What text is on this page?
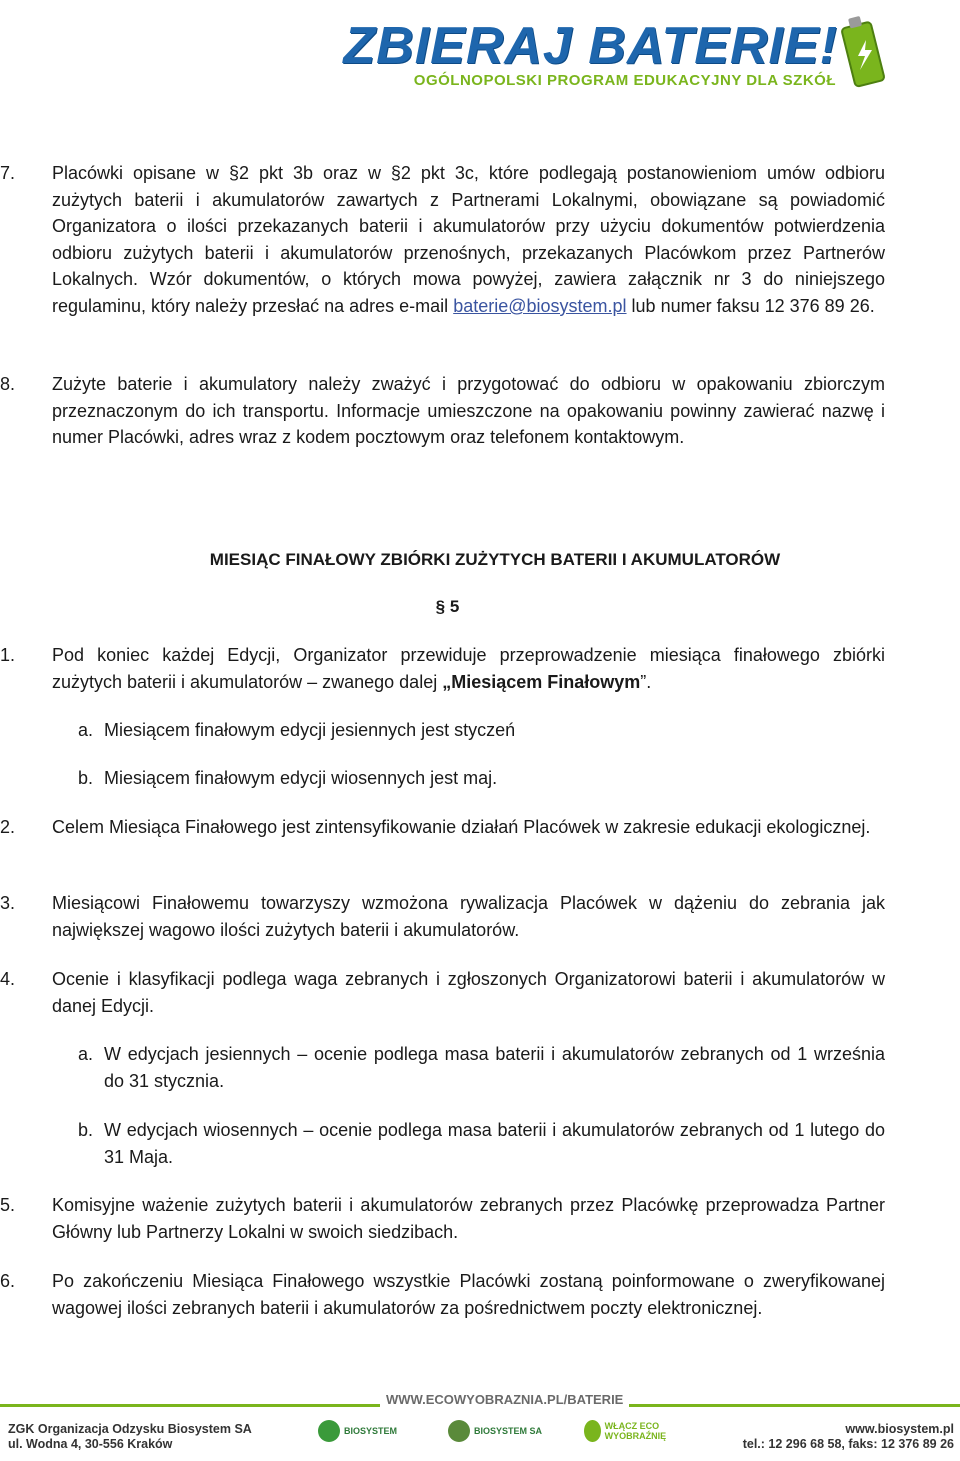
ZBIERAJ BATERIE!
OGÓLNOPOLSKI PROGRAM EDUKACYJNY DLA SZKÓŁ
7. Placówki opisane w §2 pkt 3b oraz w §2 pkt 3c, które podlegają postanowieniom umów odbioru zużytych baterii i akumulatorów zawartych z Partnerami Lokalnymi, obowiązane są powiadomić Organizatora o ilości przekazanych baterii i akumulatorów przy użyciu dokumentów potwierdzenia odbioru zużytych baterii i akumulatorów przenośnych, przekazanych Placówkom przez Partnerów Lokalnych. Wzór dokumentów, o których mowa powyżej, zawiera załącznik nr 3 do niniejszego regulaminu, który należy przesłać na adres e-mail baterie@biosystem.pl lub numer faksu 12 376 89 26.
8. Zużyte baterie i akumulatory należy zważyć i przygotować do odbioru w opakowaniu zbiorczym przeznaczonym do ich transportu. Informacje umieszczone na opakowaniu powinny zawierać nazwę i numer Placówki, adres wraz z kodem pocztowym oraz telefonem kontaktowym.
MIESIĄC FINAŁOWY ZBIÓRKI ZUŻYTYCH BATERII I AKUMULATORÓW
§ 5
1. Pod koniec każdej Edycji, Organizator przewiduje przeprowadzenie miesiąca finałowego zbiórki zużytych baterii i akumulatorów – zwanego dalej „Miesiącem Finałowym”.
a. Miesiącem finałowym edycji jesiennych jest styczeń
b. Miesiącem finałowym edycji wiosennych jest maj.
2. Celem Miesiąca Finałowego jest zintensyfikowanie działań Placówek w zakresie edukacji ekologicznej.
3. Miesiącowi Finałowemu towarzyszy wzmożona rywalizacja Placówek w dążeniu do zebrania jak największej wagowo ilości zużytych baterii i akumulatorów.
4. Ocenie i klasyfikacji podlega waga zebranych i zgłoszonych Organizatorowi baterii i akumulatorów w danej Edycji.
a. W edycjach jesiennych – ocenie podlega masa baterii i akumulatorów zebranych od 1 września do 31 stycznia.
b. W edycjach wiosennych – ocenie podlega masa baterii i akumulatorów zebranych od 1 lutego do 31 Maja.
5. Komisyjne ważenie zużytych baterii i akumulatorów zebranych przez Placówkę przeprowadza Partner Główny lub Partnerzy Lokalni w swoich siedzibach.
6. Po zakończeniu Miesiąca Finałowego wszystkie Placówki zostaną poinformowane o zweryfikowanej wagowej ilości zebranych baterii i akumulatorów za pośrednictwem poczty elektronicznej.
WWW.ECOWYOBRAZNIA.PL/BATERIE
ZGK Organizacja Odzysku Biosystem SA
ul. Wodna 4, 30-556 Kraków
BIOSYSTEM	BIOSYSTEM SA	WŁĄCZ ECO WYOBRAŹNIĘ	www.biosystem.pl
tel.: 12 296 68 58, faks: 12 376 89 26
